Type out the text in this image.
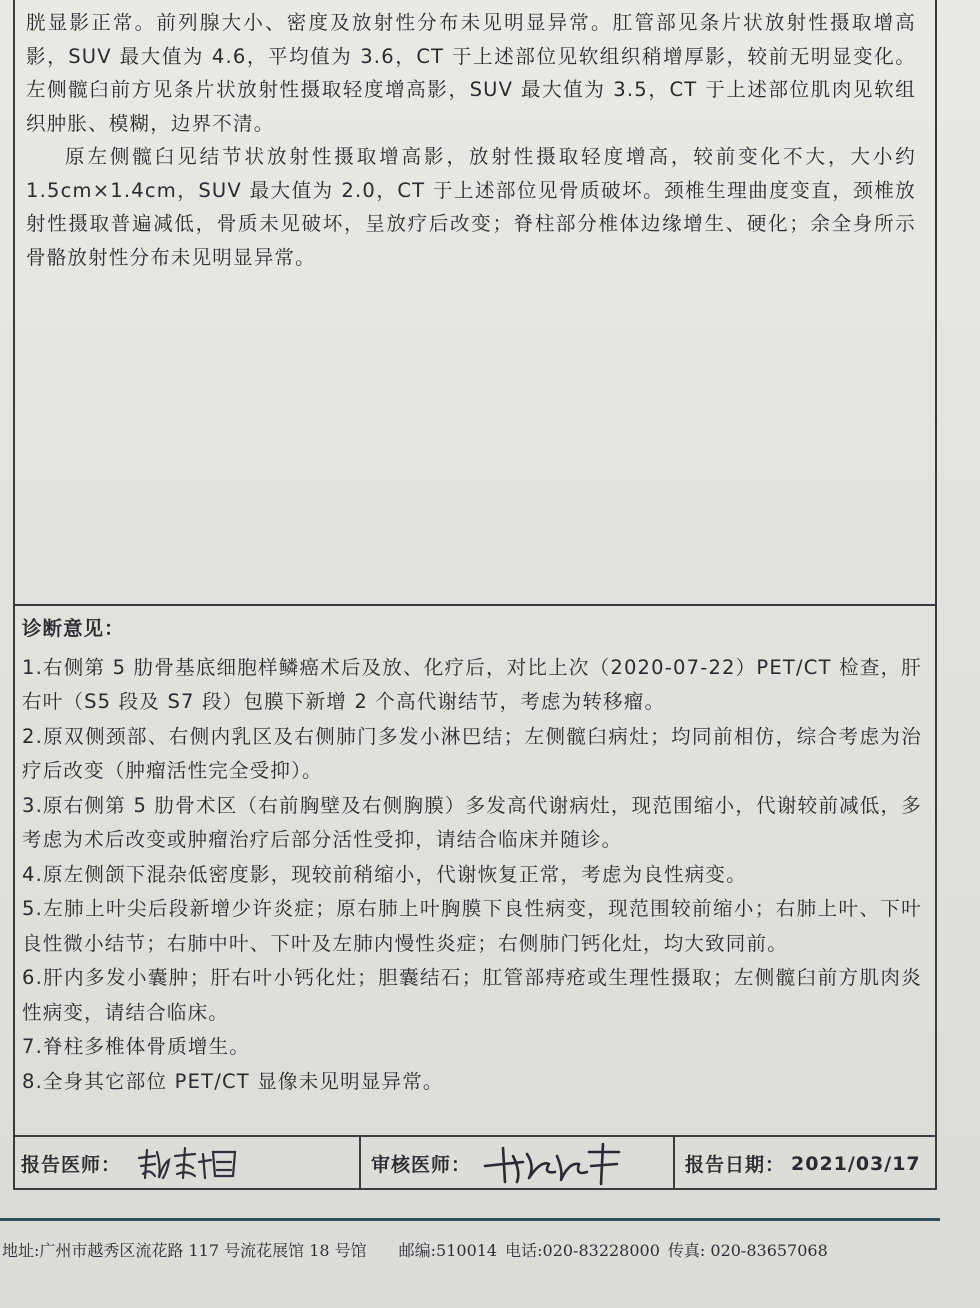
胱显影正常。前列腺大小、密度及放射性分布未见明显异常。肛管部见条片状放射性摄取增高影，SUV 最大值为 4.6，平均值为 3.6，CT 于上述部位见软组织稍增厚影，较前无明显变化。左侧髋臼前方见条片状放射性摄取轻度增高影，SUV 最大值为 3.5，CT 于上述部位肌肉见软组织肿胀、模糊，边界不清。

原左侧髋臼见结节状放射性摄取增高影，放射性摄取轻度增高，较前变化不大，大小约 1.5cm×1.4cm，SUV 最大值为 2.0，CT 于上述部位见骨质破坏。颈椎生理曲度变直，颈椎放射性摄取普遍减低，骨质未见破坏，呈放疗后改变；脊柱部分椎体边缘增生、硬化；余全身所示骨骼放射性分布未见明显异常。

诊断意见：

1.右侧第 5 肋骨基底细胞样鳞癌术后及放、化疗后，对比上次（2020-07-22）PET/CT 检查，肝右叶（S5 段及 S7 段）包膜下新增 2 个高代谢结节，考虑为转移瘤。

2.原双侧颈部、右侧内乳区及右侧肺门多发小淋巴结；左侧髋臼病灶；均同前相仿，综合考虑为治疗后改变（肿瘤活性完全受抑）。

3.原右侧第 5 肋骨术区（右前胸壁及右侧胸膜）多发高代谢病灶，现范围缩小，代谢较前减低，多考虑为术后改变或肿瘤治疗后部分活性受抑，请结合临床并随诊。

4.原左侧颌下混杂低密度影，现较前稍缩小，代谢恢复正常，考虑为良性病变。

5.左肺上叶尖后段新增少许炎症；原右肺上叶胸膜下良性病变，现范围较前缩小；右肺上叶、下叶良性微小结节；右肺中叶、下叶及左肺内慢性炎症；右侧肺门钙化灶，均大致同前。

6.肝内多发小囊肿；肝右叶小钙化灶；胆囊结石；肛管部痔疮或生理性摄取；左侧髋臼前方肌肉炎性病变，请结合临床。

7.脊柱多椎体骨质增生。

8.全身其它部位 PET/CT 显像未见明显异常。

报告医师：	审核医师：	报告日期： 2021/03/17
地址:广州市越秀区流花路 117 号流花展馆 18 号馆 邮编:510014 电话:020-83228000 传真: 020-83657068
